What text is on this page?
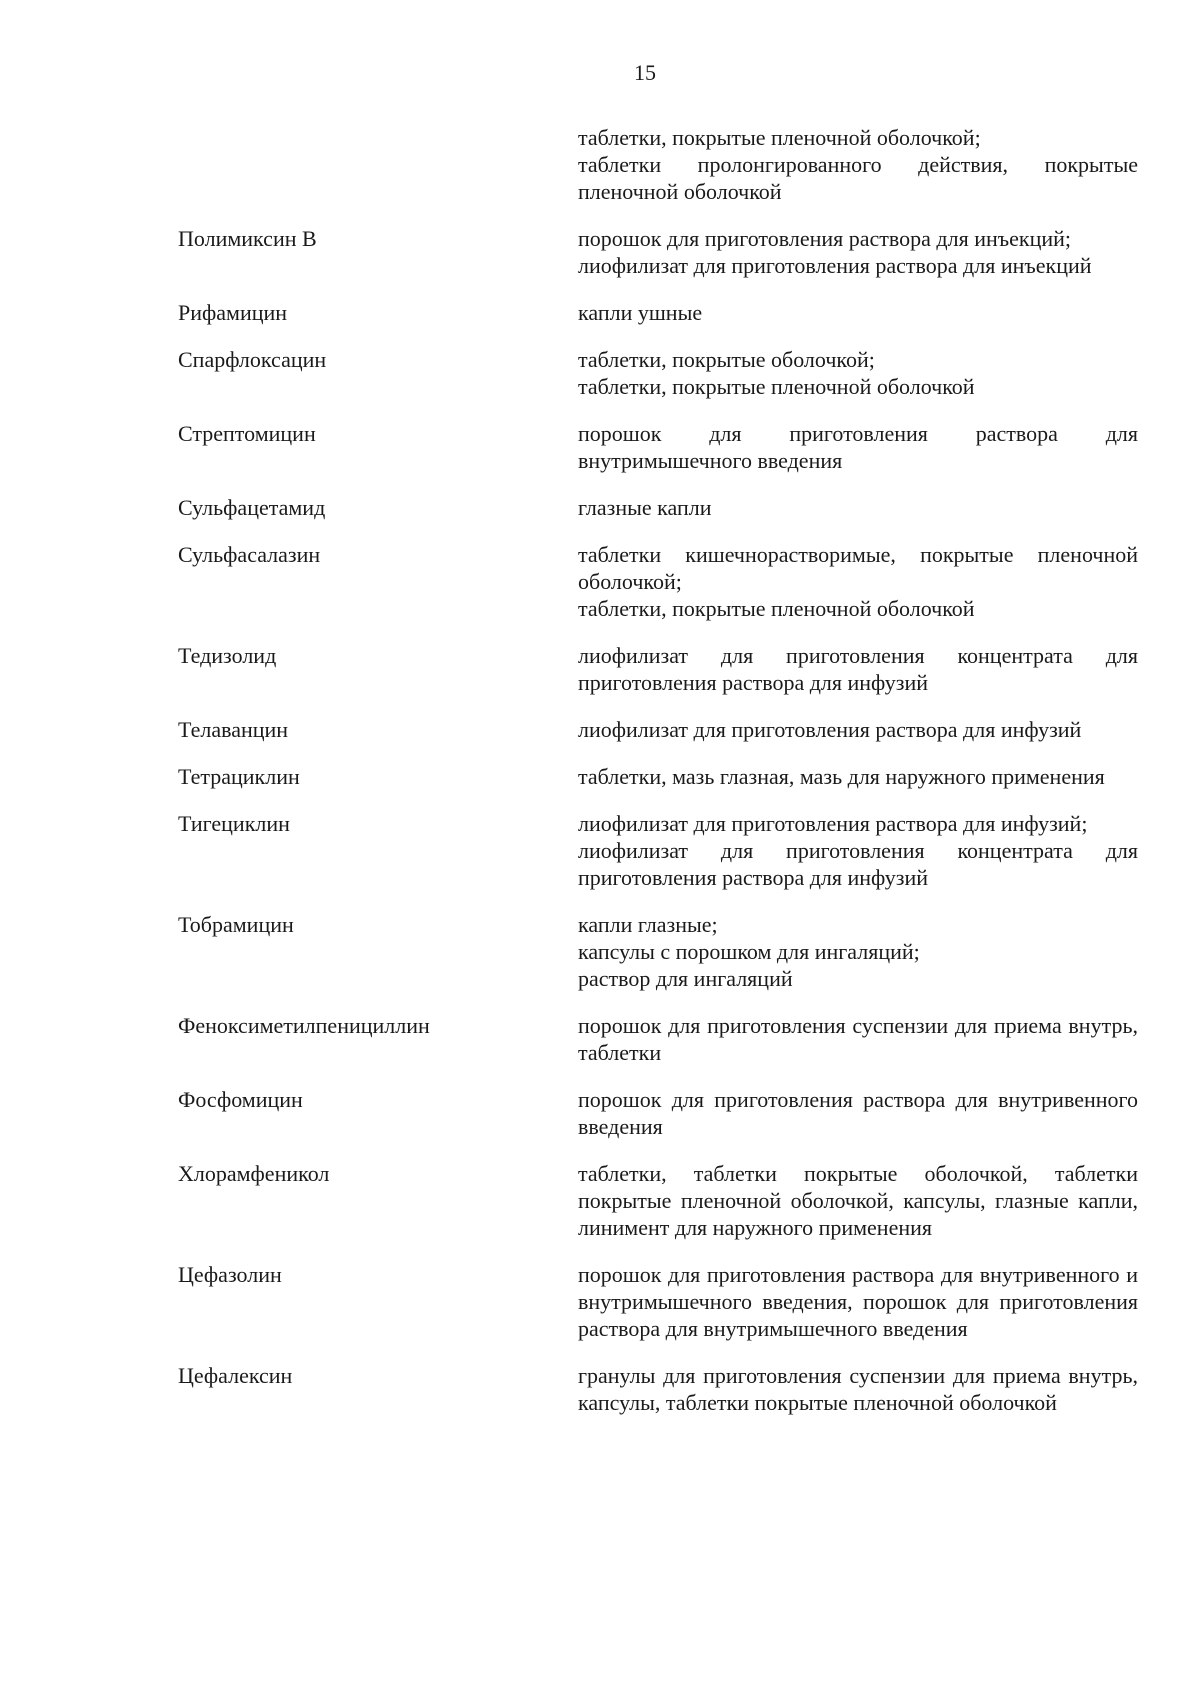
15
таблетки, покрытые пленочной оболочкой;
таблетки пролонгированного действия, покрытые пленочной оболочкой
Полимиксин В	порошок для приготовления раствора для инъекций;
лиофилизат для приготовления раствора для инъекций
Рифамицин	капли ушные
Спарфлоксацин	таблетки, покрытые оболочкой;
таблетки, покрытые пленочной оболочкой
Стрептомицин	порошок для приготовления раствора для внутримышечного введения
Сульфацетамид	глазные капли
Сульфасалазин	таблетки кишечнорастворимые, покрытые пленочной оболочкой;
таблетки, покрытые пленочной оболочкой
Тедизолид	лиофилизат для приготовления концентрата для приготовления раствора для инфузий
Телаванцин	лиофилизат для приготовления раствора для инфузий
Тетрациклин	таблетки, мазь глазная, мазь для наружного применения
Тигециклин	лиофилизат для приготовления раствора для инфузий;
лиофилизат для приготовления концентрата для приготовления раствора для инфузий
Тобрамицин	капли глазные;
капсулы с порошком для ингаляций;
раствор для ингаляций
Феноксиметилпенициллин	порошок для приготовления суспензии для приема внутрь, таблетки
Фосфомицин	порошок для приготовления раствора для внутривенного введения
Хлорамфеникол	таблетки, таблетки покрытые оболочкой, таблетки покрытые пленочной оболочкой, капсулы, глазные капли, линимент для наружного применения
Цефазолин	порошок для приготовления раствора для внутривенного и внутримышечного введения, порошок для приготовления раствора для внутримышечного введения
Цефалексин	гранулы для приготовления суспензии для приема внутрь, капсулы, таблетки покрытые пленочной оболочкой
